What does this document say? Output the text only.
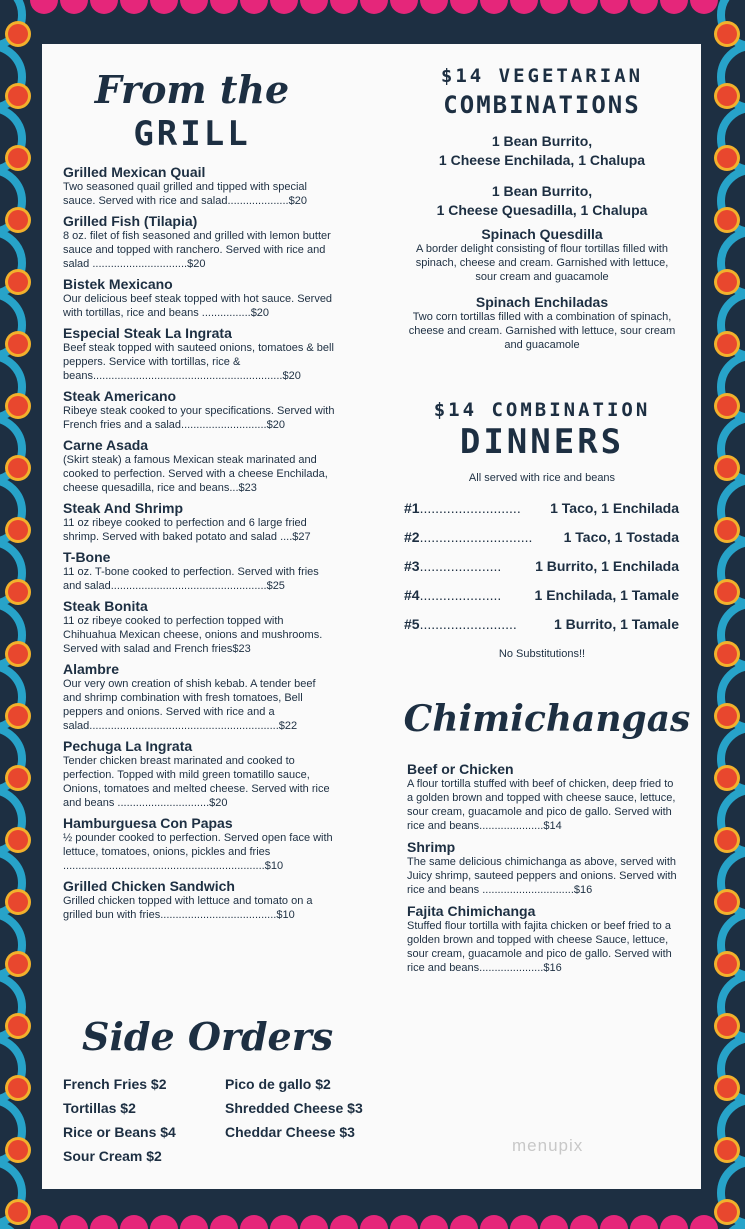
From the
GRILL
Grilled Mexican Quail
Two seasoned quail grilled and tipped with special sauce. Served with rice and salad....................$20
Grilled Fish (Tilapia)
8 oz. filet of fish seasoned and grilled with lemon butter sauce and topped with ranchero. Served with rice and salad ...............................$20
Bistek Mexicano
Our delicious beef steak topped with hot sauce. Served with tortillas, rice and beans ................$20
Especial Steak La Ingrata
Beef steak topped with sauteed onions, tomatoes & bell peppers. Service with tortillas, rice & beans..............................................................$20
Steak Americano
Ribeye steak cooked to your specifications. Served with French fries and a salad............................$20
Carne Asada
(Skirt steak) a famous Mexican steak marinated and cooked to perfection. Served with a cheese Enchilada, cheese quesadilla, rice and beans...$23
Steak And Shrimp
11 oz ribeye cooked to perfection and 6 large fried shrimp. Served with baked potato and salad ....$27
T-Bone
11 oz. T-bone cooked to perfection. Served with fries and salad...................................................$25
Steak Bonita
11 oz ribeye cooked to perfection topped with Chihuahua Mexican cheese, onions and mushrooms. Served with salad and French fries$23
Alambre
Our very own creation of shish kebab. A tender beef and shrimp combination with fresh tomatoes, Bell peppers and onions. Served with rice and a salad..............................................................$22
Pechuga La Ingrata
Tender chicken breast marinated and cooked to perfection. Topped with mild green tomatillo sauce, Onions, tomatoes and melted cheese. Served with rice and beans ..............................$20
Hamburguesa Con Papas
½ pounder cooked to perfection. Served open face with lettuce, tomatoes, onions, pickles and fries ..................................................................$10
Grilled Chicken Sandwich
Grilled chicken topped with lettuce and tomato on a grilled bun with fries......................................$10
Side Orders
French Fries $2
Tortillas $2
Rice or Beans $4
Sour Cream $2
Pico de gallo $2
Shredded Cheese $3
Cheddar Cheese $3
$14 VEGETARIAN
COMBINATIONS
1 Bean Burrito,
1 Cheese Enchilada, 1 Chalupa
1 Bean Burrito,
1 Cheese Quesadilla, 1 Chalupa
Spinach Quesdilla
A border delight consisting of flour tortillas filled with spinach, cheese and cream. Garnished with lettuce, sour cream and guacamole
Spinach Enchiladas
Two corn tortillas filled with a combination of spinach, cheese and cream. Garnished with lettuce, sour cream and guacamole
$14 COMBINATION
DINNERS
All served with rice and beans
#1.......................... 1 Taco, 1 Enchilada
#2............................. 1 Taco, 1 Tostada
#3..................... 1 Burrito, 1 Enchilada
#4..................... 1 Enchilada, 1 Tamale
#5.........................	1 Burrito, 1 Tamale
No Substitutions!!
Chimichangas
Beef or Chicken
A flour tortilla stuffed with beef of chicken, deep fried to a golden brown and topped with cheese sauce, lettuce, sour cream, guacamole and pico de gallo. Served with rice and beans.....................$14
Shrimp
The same delicious chimichanga as above, served with Juicy shrimp, sauteed peppers and onions. Served with rice and beans ..............................$16
Fajita Chimichanga
Stuffed flour tortilla with fajita chicken or beef fried to a golden brown and topped with cheese Sauce, lettuce, sour cream, guacamole and pico de gallo. Served with rice and beans.....................$16
menupix
